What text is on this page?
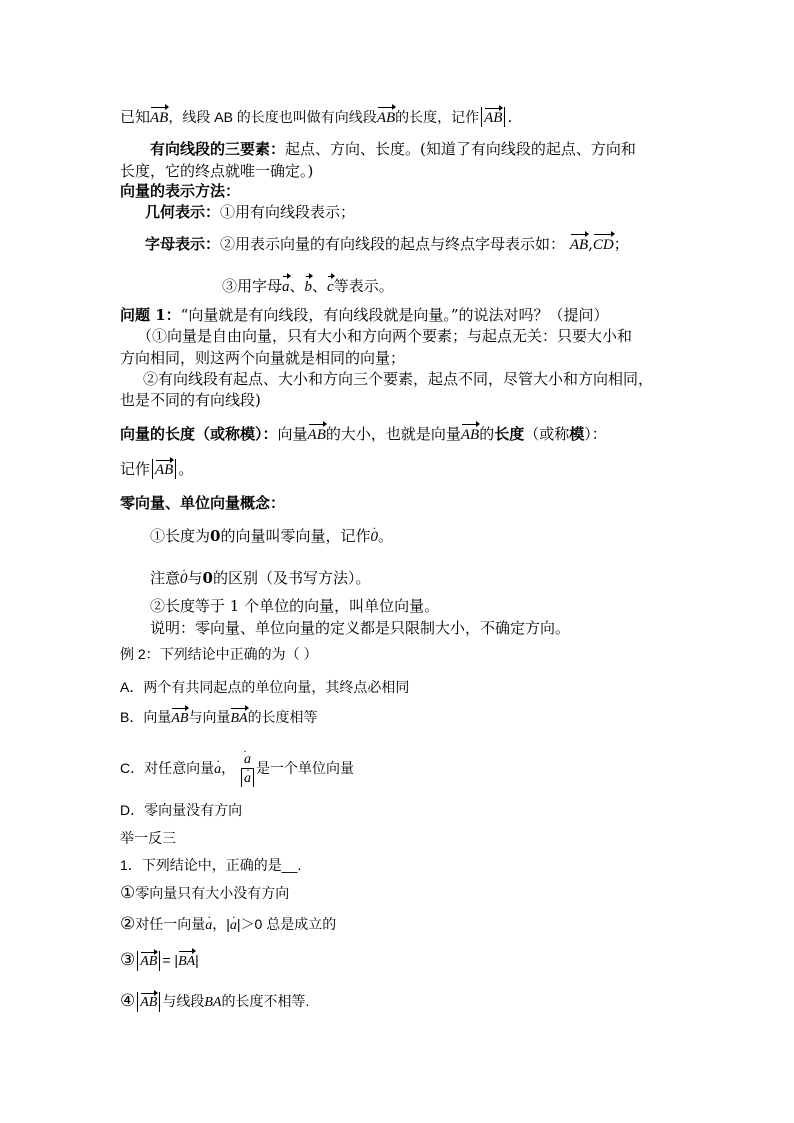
已知AB，线段 AB 的长度也叫做有向线段AB的长度，记作 AB .
有向线段的三要素：起点、方向、长度。(知道了有向线段的起点、方向和
长度，它的终点就唯一确定。)
向量的表示方法：
几何表示：①用有向线段表示；
字母表示：②用表示向量的有向线段的起点与终点字母表示如： AB,CD；
③用字母a、b、c等表示。
问题 1：“向量就是有向线段，有向线段就是向量。”的说法对吗？（提问）
（①向量是自由向量，只有大小和方向两个要素；与起点无关：只要大小和
方向相同，则这两个向量就是相同的向量；
②有向线段有起点、大小和方向三个要素，起点不同，尽管大小和方向相同，
也是不同的有向线段)
向量的长度（或称模）：向量AB的大小，也就是向量AB的长度（或称模）：
记作 AB 。
零向量、单位向量概念：
①长度为0的向量叫零向量，记作· 0。
注意· 0与0的区别（及书写方法）。
②长度等于 1 个单位的向量，叫单位向量。
说明：零向量、单位向量的定义都是只限制大小，不确定方向。
例 2：下列结论中正确的为（ ）
A．两个有共同起点的单位向量，其终点必相同
B．向量AB与向量BA的长度相等
C．对任意向量· a，
· a
· a 是一个单位向量
D．零向量没有方向
举一反三
1．下列结论中，正确的是__.
①零向量只有大小没有方向
②对任一向量· a，|· a|＞0 总是成立的
③ AB = |BA|
④ AB 与线段BA的长度不相等.
